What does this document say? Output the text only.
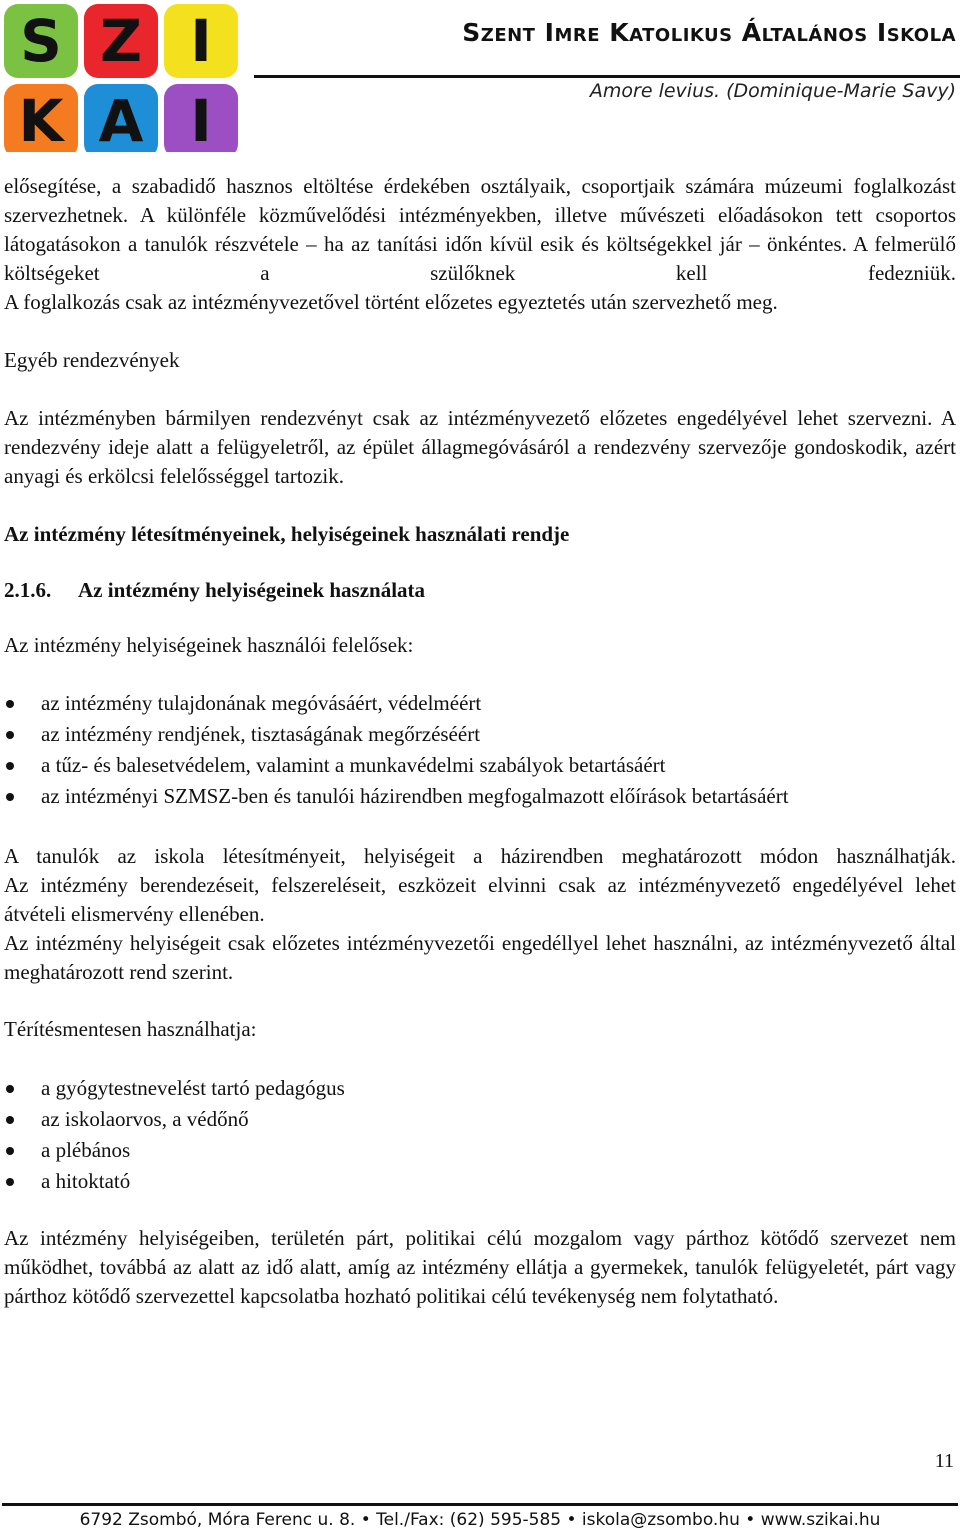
S Z I
K A I
Szent Imre Katolikus Általános Iskola
Amore levius. (Dominique-Marie Savy)

elősegítése, a szabadidő hasznos eltöltése érdekében osztályaik, csoportjaik számára múzeumi foglalkozást szervezhetnek. A különféle közművelődési intézményekben, illetve művészeti előadásokon tett csoportos látogatásokon a tanulók részvétele – ha az tanítási időn kívül esik és költségekkel jár – önkéntes. A felmerülő költségeket a szülőknek kell fedezniük.

A foglalkozás csak az intézményvezetővel történt előzetes egyeztetés után szervezhető meg.

Egyéb rendezvények

Az intézményben bármilyen rendezvényt csak az intézményvezető előzetes engedélyével lehet szervezni. A rendezvény ideje alatt a felügyeletről, az épület állagmegóvásáról a rendezvény szervezője gondoskodik, azért anyagi és erkölcsi felelősséggel tartozik.

Az intézmény létesítményeinek, helyiségeinek használati rendje

2.1.6.	Az intézmény helyiségeinek használata

Az intézmény helyiségeinek használói felelősek:

az intézmény tulajdonának megóvásáért, védelméért
az intézmény rendjének, tisztaságának megőrzéséért
a tűz- és balesetvédelem, valamint a munkavédelmi szabályok betartásáért
az intézményi SZMSZ-ben és tanulói házirendben megfogalmazott előírások betartásáért

A tanulók az iskola létesítményeit, helyiségeit a házirendben meghatározott módon használhatják.

Az intézmény berendezéseit, felszereléseit, eszközeit elvinni csak az intézményvezető engedélyével lehet átvételi elismervény ellenében.

Az intézmény helyiségeit csak előzetes intézményvezetői engedéllyel lehet használni, az intézményvezető által meghatározott rend szerint.

Térítésmentesen használhatja:

a gyógytestnevelést tartó pedagógus
az iskolaorvos, a védőnő
a plébános
a hitoktató

Az intézmény helyiségeiben, területén párt, politikai célú mozgalom vagy párthoz kötődő szervezet nem működhet, továbbá az alatt az idő alatt, amíg az intézmény ellátja a gyermekek, tanulók felügyeletét, párt vagy párthoz kötődő szervezettel kapcsolatba hozható politikai célú tevékenység nem folytatható.

11
6792 Zsombó, Móra Ferenc u. 8. • Tel./Fax: (62) 595-585 • iskola@zsombo.hu • www.szikai.hu
